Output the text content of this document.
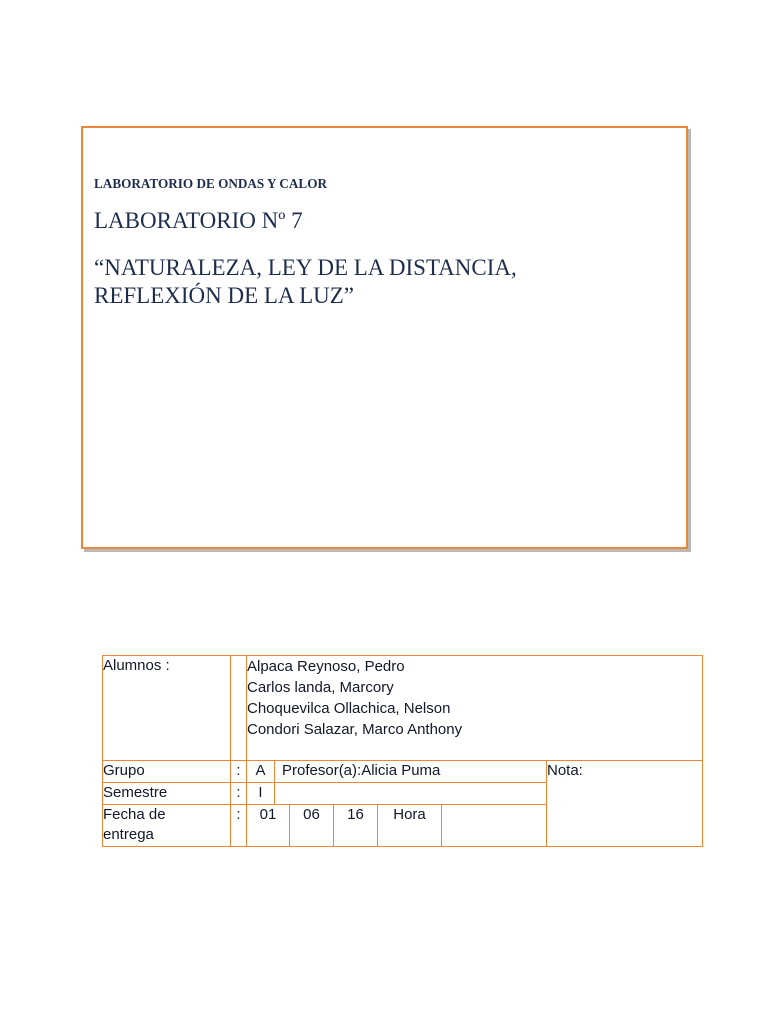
LABORATORIO DE ONDAS Y CALOR
LABORATORIO Nº 7
“NATURALEZA, LEY DE LA DISTANCIA,
REFLEXIÓN DE LA LUZ”
Alumnos :		Alpaca Reynoso, Pedro
Carlos landa, Marcory
Choquevilca Ollachica, Nelson
Condori Salazar, Marco Anthony						

Grupo	:	A	Profesor(a):Alicia Puma					Nota:
Semestre	:	I						
Fecha de
entrega	:	01		06	16	Hora		
